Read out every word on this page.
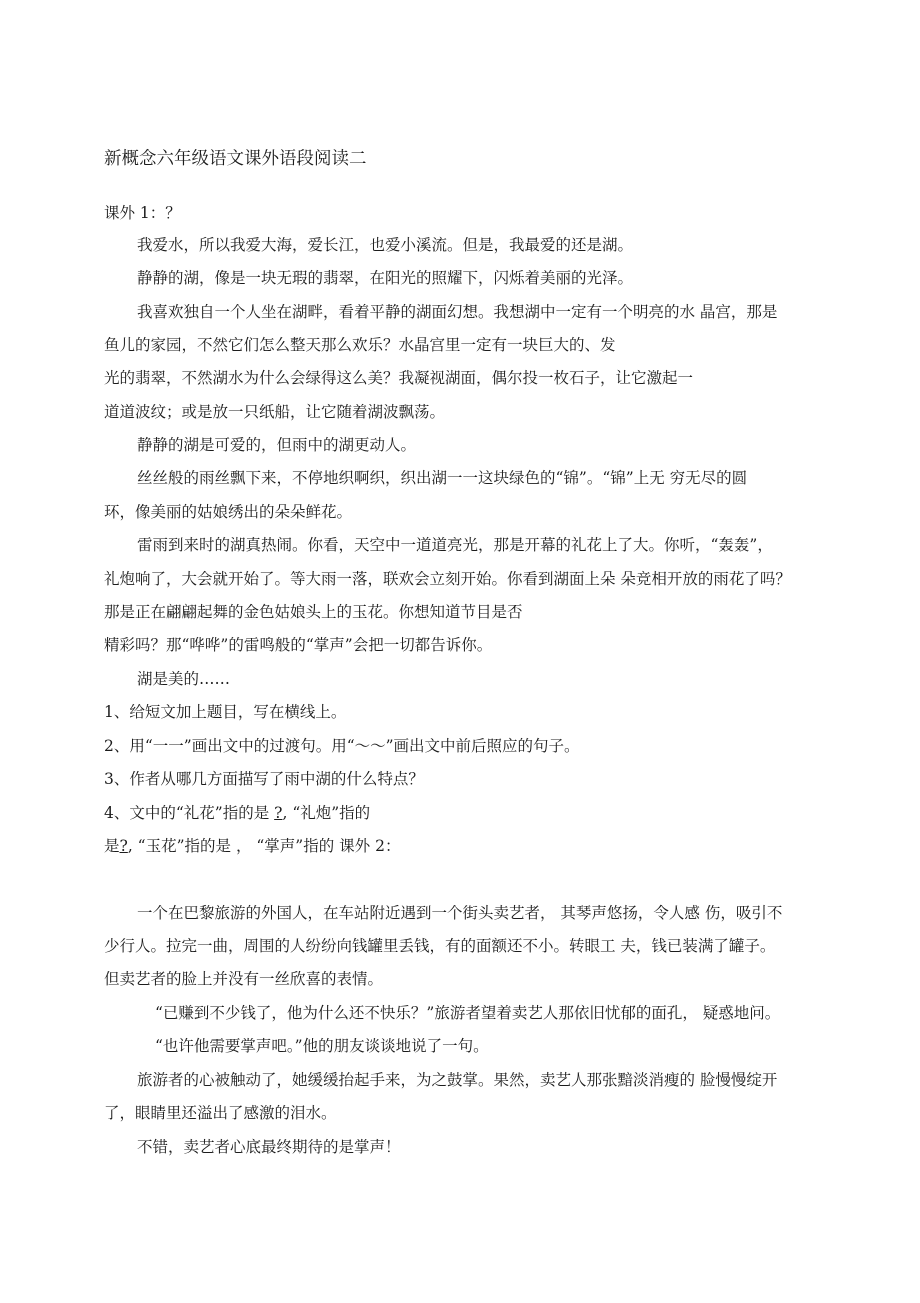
新概念六年级语文课外语段阅读二
课外 1：？
我爱水，所以我爱大海，爱长江，也爱小溪流。但是，我最爱的还是湖。
静静的湖，像是一块无瑕的翡翠，在阳光的照耀下，闪烁着美丽的光泽。
我喜欢独自一个人坐在湖畔，看着平静的湖面幻想。我想湖中一定有一个明亮的水 晶宫，那是
鱼儿的家园，不然它们怎么整天那么欢乐？水晶宫里一定有一块巨大的、发
光的翡翠，不然湖水为什么会绿得这么美？我凝视湖面，偶尔投一枚石子，让它激起一
道道波纹；或是放一只纸船，让它随着湖波飘荡。
静静的湖是可爱的，但雨中的湖更动人。
丝丝般的雨丝飘下来，不停地织啊织，织出湖一一这块绿色的“锦”。“锦”上无 穷无尽的圆
环，像美丽的姑娘绣出的朵朵鲜花。
雷雨到来时的湖真热闹。你看，天空中一道道亮光，那是开幕的礼花上了大。你听，“轰轰”，
礼炮响了，大会就开始了。等大雨一落，联欢会立刻开始。你看到湖面上朵 朵竞相开放的雨花了吗？
那是正在翩翩起舞的金色姑娘头上的玉花。你想知道节目是否
精彩吗？那“哗哗”的雷鸣般的“掌声”会把一切都告诉你。
湖是美的……
1、给短文加上题目，写在横线上。
2、用“一一”画出文中的过渡句。用“～～”画出文中前后照应的句子。
3、作者从哪几方面描写了雨中湖的什么特点？
4、文中的“礼花”指的是 ?, “礼炮”指的
是?, “玉花”指的是 ， “掌声”指的 课外 2：
一个在巴黎旅游的外国人，在车站附近遇到一个街头卖艺者， 其琴声悠扬，令人感 伤，吸引不
少行人。拉完一曲，周围的人纷纷向钱罐里丢钱，有的面额还不小。转眼工 夫，钱已装满了罐子。
但卖艺者的脸上并没有一丝欣喜的表情。
“已赚到不少钱了，他为什么还不快乐？”旅游者望着卖艺人那依旧忧郁的面孔， 疑惑地问。
“也许他需要掌声吧。”他的朋友谈谈地说了一句。
旅游者的心被触动了，她缓缓抬起手来，为之鼓掌。果然，卖艺人那张黯淡消瘦的 脸慢慢绽开
了，眼睛里还溢出了感激的泪水。
不错，卖艺者心底最终期待的是掌声！
